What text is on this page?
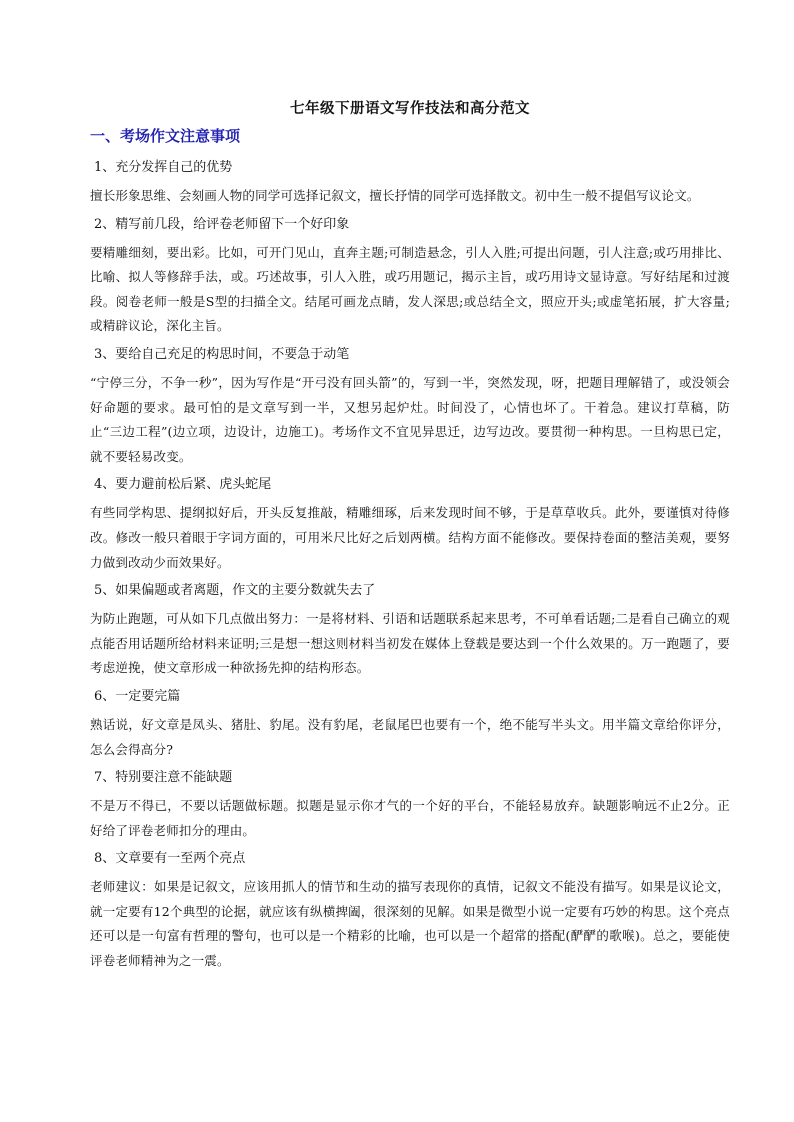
七年级下册语文写作技法和高分范文
一、考场作文注意事项

1、充分发挥自己的优势

擅长形象思维、会刻画人物的同学可选择记叙文，擅长抒情的同学可选择散文。初中生一般不提倡写议论文。

2、精写前几段，给评卷老师留下一个好印象

要精雕细刻，要出彩。比如，可开门见山，直奔主题;可制造悬念，引人入胜;可提出问题，引人注意;或巧用排比、比喻、拟人等修辞手法，或。巧述故事，引人入胜，或巧用题记，揭示主旨，或巧用诗文显诗意。写好结尾和过渡段。阅卷老师一般是S型的扫描全文。结尾可画龙点睛，发人深思;或总结全文，照应开头;或虚笔拓展，扩大容量;或精辟议论，深化主旨。

3、要给自己充足的构思时间，不要急于动笔

“宁停三分，不争一秒”，因为写作是“开弓没有回头箭”的，写到一半，突然发现，呀，把题目理解错了，或没领会好命题的要求。最可怕的是文章写到一半，又想另起炉灶。时间没了，心情也坏了。干着急。建议打草稿，防止“三边工程”(边立项，边设计，边施工)。考场作文不宜见异思迁，边写边改。要贯彻一种构思。一旦构思已定，就不要轻易改变。

4、要力避前松后紧、虎头蛇尾

有些同学构思、提纲拟好后，开头反复推敲，精雕细琢，后来发现时间不够，于是草草收兵。此外，要谨慎对待修改。修改一般只着眼于字词方面的，可用米尺比好之后划两横。结构方面不能修改。要保持卷面的整洁美观，要努力做到改动少而效果好。

5、如果偏题或者离题，作文的主要分数就失去了

为防止跑题，可从如下几点做出努力：一是将材料、引语和话题联系起来思考，不可单看话题;二是看自己确立的观点能否用话题所给材料来证明;三是想一想这则材料当初发在媒体上登载是要达到一个什么效果的。万一跑题了，要考虑逆挽，使文章形成一种欲扬先抑的结构形态。

6、一定要完篇

熟话说，好文章是凤头、猪肚、豹尾。没有豹尾，老鼠尾巴也要有一个，绝不能写半头文。用半篇文章给你评分，怎么会得高分?

7、特别要注意不能缺题

不是万不得已，不要以话题做标题。拟题是显示你才气的一个好的平台，不能轻易放弃。缺题影响远不止2分。正好给了评卷老师扣分的理由。

8、文章要有一至两个亮点

老师建议：如果是记叙文，应该用抓人的情节和生动的描写表现你的真情，记叙文不能没有描写。如果是议论文，就一定要有12个典型的论据，就应该有纵横捭阖，很深刻的见解。如果是微型小说一定要有巧妙的构思。这个亮点还可以是一句富有哲理的警句，也可以是一个精彩的比喻，也可以是一个超常的搭配(酽酽的歌喉)。总之，要能使评卷老师精神为之一震。
